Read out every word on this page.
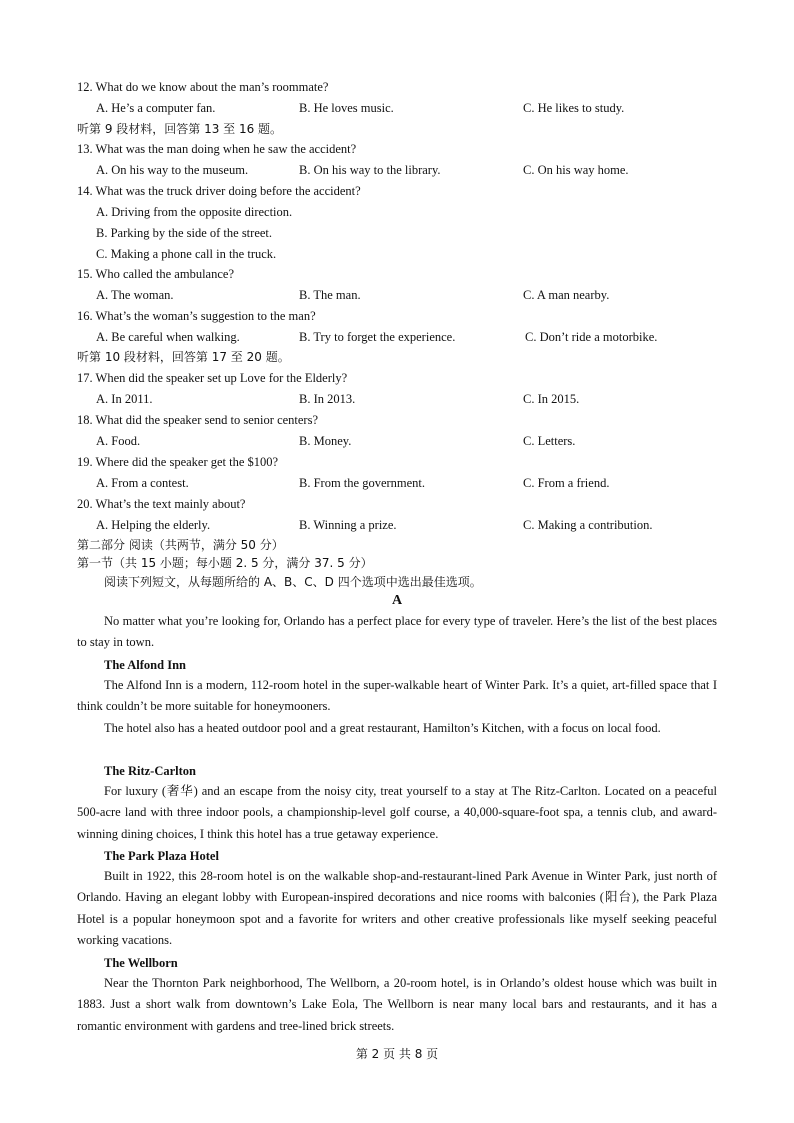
12. What do we know about the man’s roommate?
A. He’s a computer fan.	B. He loves music.	C. He likes to study.
听第 9 段材料，回答第 13 至 16 题。
13. What was the man doing when he saw the accident?
A. On his way to the museum.	B. On his way to the library.	C. On his way home.
14. What was the truck driver doing before the accident?
A. Driving from the opposite direction.
B. Parking by the side of the street.
C. Making a phone call in the truck.
15. Who called the ambulance?
A. The woman.	B. The man.	C. A man nearby.
16. What’s the woman’s suggestion to the man?
A. Be careful when walking.	B. Try to forget the experience.	C. Don’t ride a motorbike.
听第 10 段材料，回答第 17 至 20 题。
17. When did the speaker set up Love for the Elderly?
A. In 2011.	B. In 2013.	C. In 2015.
18. What did the speaker send to senior centers?
A. Food.	B. Money.	C. Letters.
19. Where did the speaker get the $100?
A. From a contest.	B. From the government.	C. From a friend.
20. What’s the text mainly about?
A. Helping the elderly.	B. Winning a prize.	C. Making a contribution.
第二部分 阅读（共两节，满分 50 分）
第一节（共 15 小题；每小题 2. 5 分，满分 37. 5 分）
阅读下列短文，从每题所给的 A、B、C、D 四个选项中选出最佳选项。
A
No matter what you’re looking for, Orlando has a perfect place for every type of traveler. Here’s the list of the best places to stay in town.
The Alfond Inn
The Alfond Inn is a modern, 112-room hotel in the super-walkable heart of Winter Park. It’s a quiet, art-filled space that I think couldn’t be more suitable for honeymooners.
The hotel also has a heated outdoor pool and a great restaurant, Hamilton’s Kitchen, with a focus on local food.
The Ritz-Carlton
For luxury (奢华) and an escape from the noisy city, treat yourself to a stay at The Ritz-Carlton. Located on a peaceful 500-acre land with three indoor pools, a championship-level golf course, a 40,000-square-foot spa, a tennis club, and award-winning dining choices, I think this hotel has a true getaway experience.
The Park Plaza Hotel
Built in 1922, this 28-room hotel is on the walkable shop-and-restaurant-lined Park Avenue in Winter Park, just north of Orlando. Having an elegant lobby with European-inspired decorations and nice rooms with balconies (阳台), the Park Plaza Hotel is a popular honeymoon spot and a favorite for writers and other creative professionals like myself seeking peaceful working vacations.
The Wellborn
Near the Thornton Park neighborhood, The Wellborn, a 20-room hotel, is in Orlando’s oldest house which was built in 1883. Just a short walk from downtown’s Lake Eola, The Wellborn is near many local bars and restaurants, and it has a romantic environment with gardens and tree-lined brick streets.
第 2 页 共 8 页
